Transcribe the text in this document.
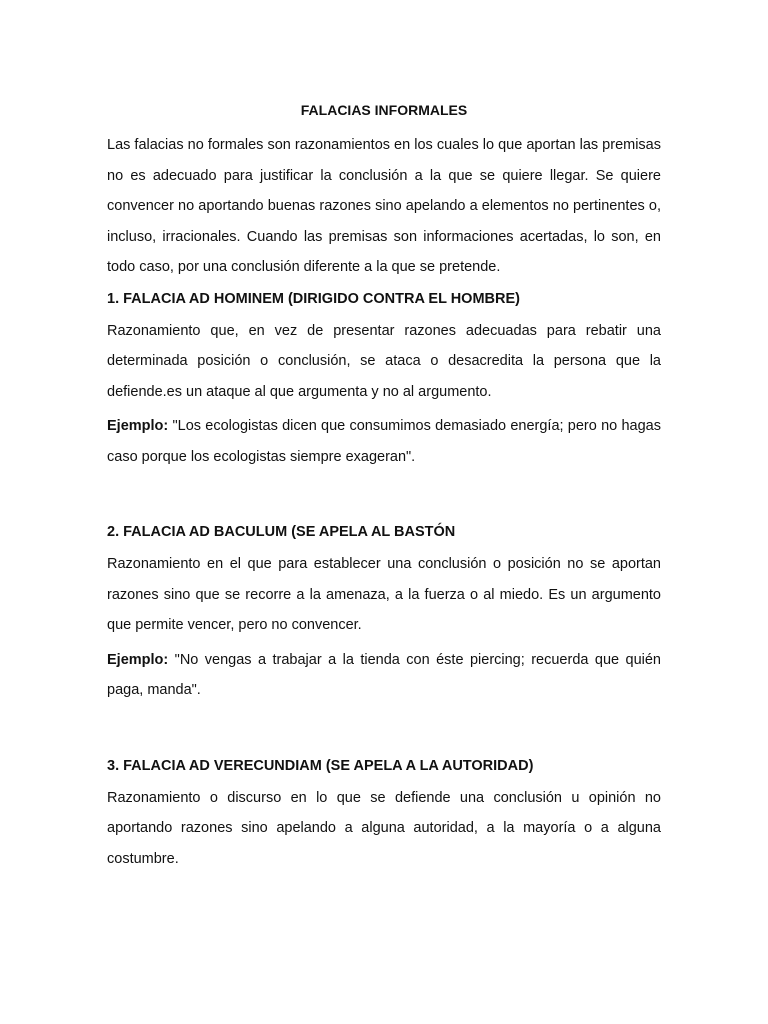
FALACIAS INFORMALES

Las falacias no formales son razonamientos en los cuales lo que aportan las premisas no es adecuado para justificar la conclusión a la que se quiere llegar. Se quiere convencer no aportando buenas razones sino apelando a elementos no pertinentes o, incluso, irracionales. Cuando las premisas son informaciones acertadas, lo son, en todo caso, por una conclusión diferente a la que se pretende.

1. FALACIA AD HOMINEM (DIRIGIDO CONTRA EL HOMBRE)

Razonamiento que, en vez de presentar razones adecuadas para rebatir una determinada posición o conclusión, se ataca o desacredita la persona que la defiende.es un ataque al que argumenta y no al argumento.

Ejemplo: "Los ecologistas dicen que consumimos demasiado energía; pero no hagas caso porque los ecologistas siempre exageran".

2. FALACIA AD BACULUM (SE APELA AL BASTÓN

Razonamiento en el que para establecer una conclusión o posición no se aportan razones sino que se recorre a la amenaza, a la fuerza o al miedo. Es un argumento que permite vencer, pero no convencer.

Ejemplo: "No vengas a trabajar a la tienda con éste piercing; recuerda que quién paga, manda".

3. FALACIA AD VERECUNDIAM (SE APELA A LA AUTORIDAD)

Razonamiento o discurso en lo que se defiende una conclusión u opinión no aportando razones sino apelando a alguna autoridad, a la mayoría o a alguna costumbre.
